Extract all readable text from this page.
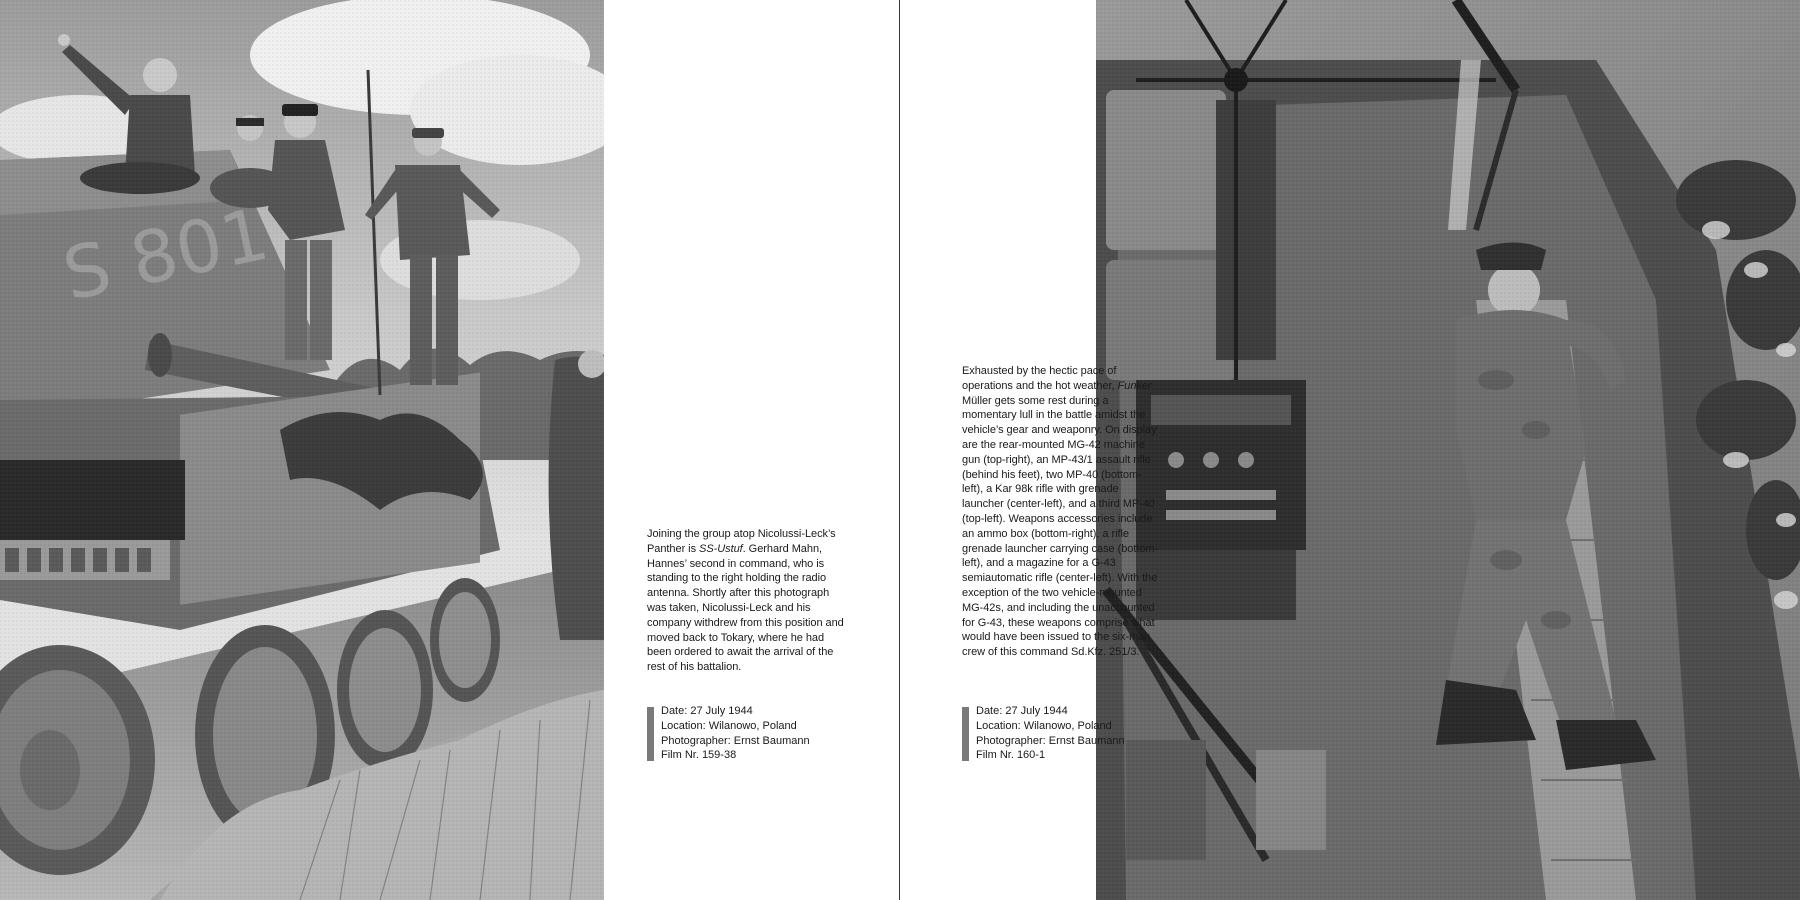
Joining the group atop Nicolussi-Leck’s Panther is SS-Ustuf. Gerhard Mahn, Hannes’ second in command, who is standing to the right holding the radio antenna. Shortly after this photograph was taken, Nicolussi-Leck and his company withdrew from this position and moved back to Tokary, where he had been ordered to await the arrival of the rest of his battalion.
Date: 27 July 1944
Location: Wilanowo, Poland
Photographer: Ernst Baumann
Film Nr. 159-38
Exhausted by the hectic pace of operations and the hot weather, Funker Müller gets some rest during a momentary lull in the battle amidst the vehicle’s gear and weaponry. On display are the rear-mounted MG-42 machine gun (top-right), an MP-43/1 assault rifle (behind his feet), two MP-40 (bottom-left), a Kar 98k rifle with grenade launcher (center-left), and a third MP-40 (top-left). Weapons accessories include an ammo box (bottom-right), a rifle grenade launcher carrying case (bottom-left), and a magazine for a G-43 semiautomatic rifle (center-left). With the exception of the two vehicle-mounted MG-42s, and including the unaccounted for G-43, these weapons comprise what would have been issued to the six-man crew of this command Sd.Kfz. 251/3.
Date: 27 July 1944
Location: Wilanowo, Poland
Photographer: Ernst Baumann
Film Nr. 160-1
